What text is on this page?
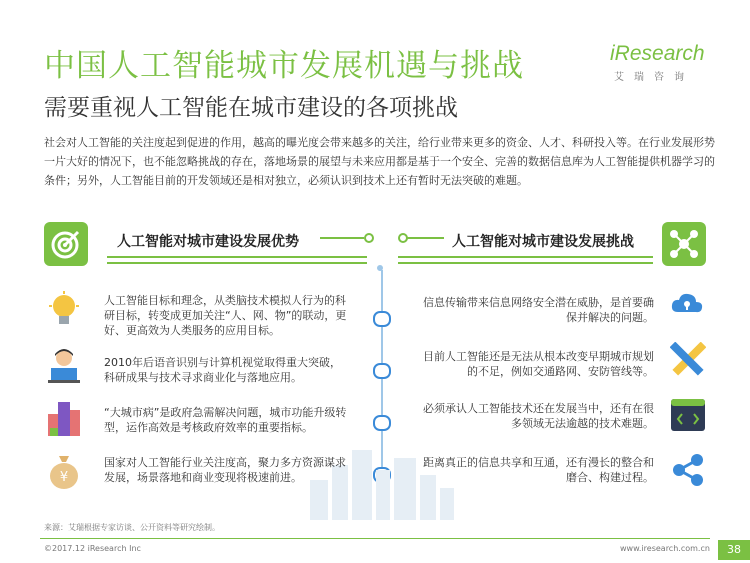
中国人工智能城市发展机遇与挑战
需要重视人工智能在城市建设的各项挑战
iResearch
艾瑞咨询

社会对人工智能的关注度起到促进的作用，越高的曝光度会带来越多的关注，给行业带来更多的资金、人才、科研投入等。在行业发展形势一片大好的情况下，也不能忽略挑战的存在，落地场景的展望与未来应用都是基于一个安全、完善的数据信息库为人工智能提供机器学习的条件；另外，人工智能目前的开发领域还是相对独立，必须认识到技术上还有暂时无法突破的难题。

人工智能对城市建设发展优势	人工智能对城市建设发展挑战

人工智能目标和理念，从类脑技术模拟人行为的科研目标，转变成更加关注“人、网、物”的联动，更好、更高效为人类服务的应用目标。

2010年后语音识别与计算机视觉取得重大突破，科研成果与技术寻求商业化与落地应用。

“大城市病”是政府急需解决问题，城市功能升级转型，运作高效是考核政府效率的重要指标。

¥

国家对人工智能行业关注度高，聚力多方资源谋求发展，场景落地和商业变现将极速前进。

信息传输带来信息网络安全潜在威胁，是首要确保并解决的问题。

目前人工智能还是无法从根本改变早期城市规划的不足，例如交通路网、安防管线等。

必须承认人工智能技术还在发展当中，还有在很多领域无法逾越的技术难题。

距离真正的信息共享和互通，还有漫长的整合和磨合、构建过程。

来源：艾瑞根据专家访谈、公开资料等研究绘制。
©2017.12 iResearch Inc	www.iresearch.com.cn	38
